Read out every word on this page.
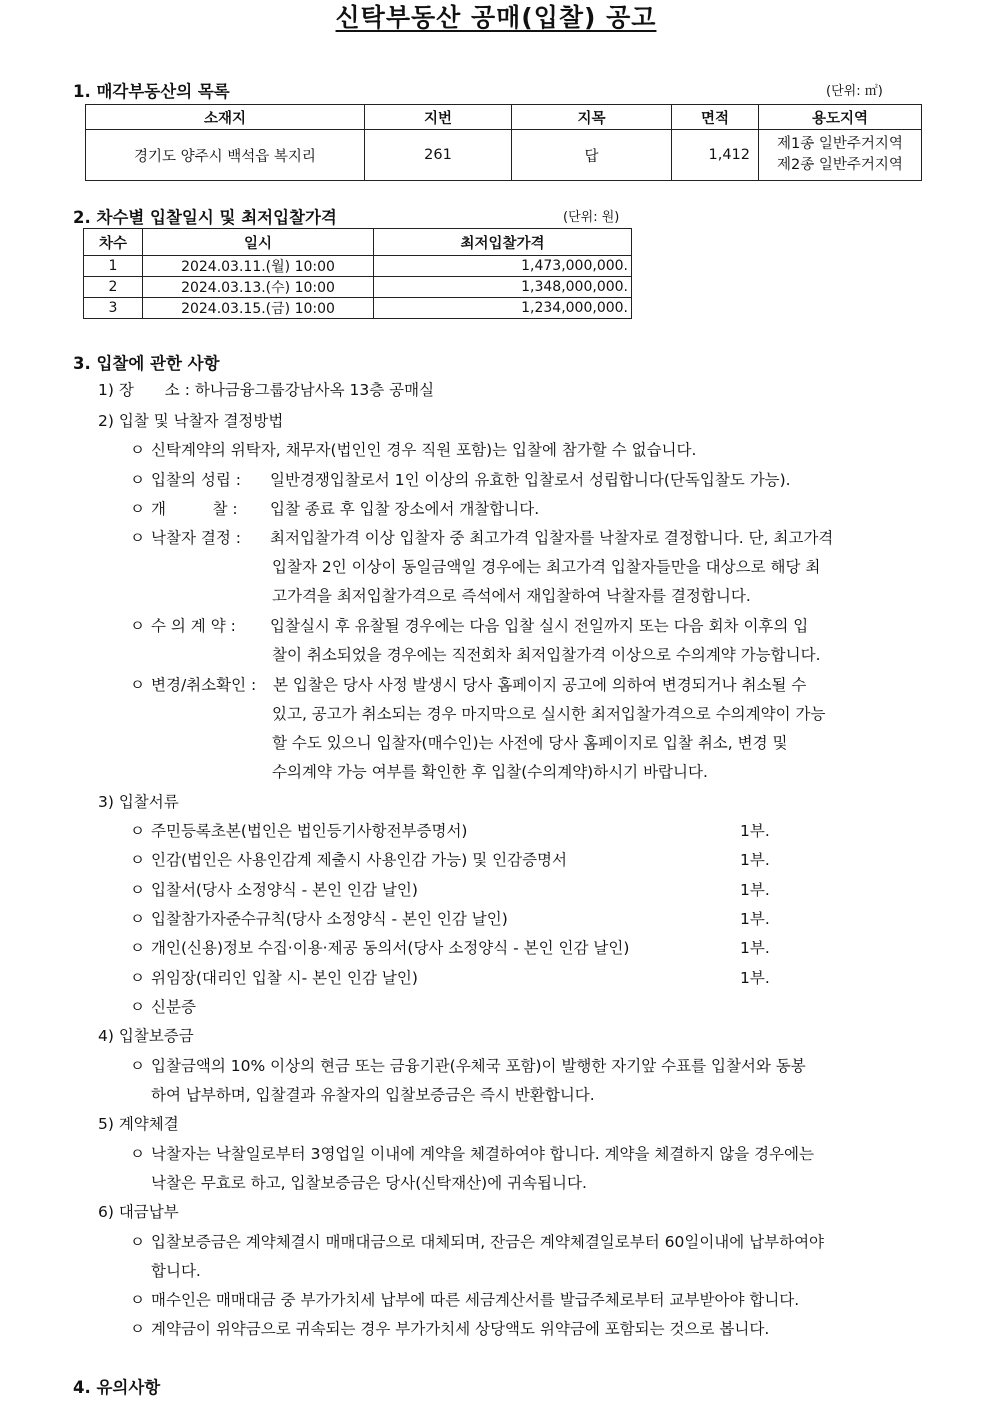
신탁부동산 공매(입찰) 공고
1. 매각부동산의 목록	(단위: ㎡)
소재지	지번	지목	면적	용도지역
경기도 양주시 백석읍 복지리	261	답	1,412	제1종 일반주거지역
제2종 일반주거지역
2. 차수별 입찰일시 및 최저입찰가격	(단위: 원)
차수	일시	최저입찰가격
1	2024.03.11.(월) 10:00	1,473,000,000.
2	2024.03.13.(수) 10:00	1,348,000,000.
3	2024.03.15.(금) 10:00	1,234,000,000.
3. 입찰에 관한 사항
1) 장　　소 : 하나금융그룹강남사옥 13층 공매실
2) 입찰 및 낙찰자 결정방법
ㅇ 신탁계약의 위탁자, 채무자(법인인 경우 직원 포함)는 입찰에 참가할 수 없습니다.
ㅇ 입찰의 성립 : 일반경쟁입찰로서 1인 이상의 유효한 입찰로서 성립합니다(단독입찰도 가능).
ㅇ 개　　　찰 : 입찰 종료 후 입찰 장소에서 개찰합니다.
ㅇ 낙찰자 결정 : 최저입찰가격 이상 입찰자 중 최고가격 입찰자를 낙찰자로 결정합니다. 단, 최고가격
입찰자 2인 이상이 동일금액일 경우에는 최고가격 입찰자들만을 대상으로 해당 최
고가격을 최저입찰가격으로 즉석에서 재입찰하여 낙찰자를 결정합니다.
ㅇ 수 의 계 약 : 입찰실시 후 유찰될 경우에는 다음 입찰 실시 전일까지 또는 다음 회차 이후의 입
찰이 취소되었을 경우에는 직전회차 최저입찰가격 이상으로 수의계약 가능합니다.
ㅇ 변경/취소확인 : 본 입찰은 당사 사정 발생시 당사 홈페이지 공고에 의하여 변경되거나 취소될 수
있고, 공고가 취소되는 경우 마지막으로 실시한 최저입찰가격으로 수의계약이 가능
할 수도 있으니 입찰자(매수인)는 사전에 당사 홈페이지로 입찰 취소, 변경 및
수의계약 가능 여부를 확인한 후 입찰(수의계약)하시기 바랍니다.
3) 입찰서류
ㅇ 주민등록초본(법인은 법인등기사항전부증명서)	1부.
ㅇ 인감(법인은 사용인감계 제출시 사용인감 가능) 및 인감증명서	1부.
ㅇ 입찰서(당사 소정양식 - 본인 인감 날인)	1부.
ㅇ 입찰참가자준수규칙(당사 소정양식 - 본인 인감 날인)	1부.
ㅇ 개인(신용)정보 수집·이용·제공 동의서(당사 소정양식 - 본인 인감 날인)	1부.
ㅇ 위임장(대리인 입찰 시- 본인 인감 날인)	1부.
ㅇ 신분증
4) 입찰보증금
ㅇ 입찰금액의 10% 이상의 현금 또는 금융기관(우체국 포함)이 발행한 자기앞 수표를 입찰서와 동봉
하여 납부하며, 입찰결과 유찰자의 입찰보증금은 즉시 반환합니다.
5) 계약체결
ㅇ 낙찰자는 낙찰일로부터 3영업일 이내에 계약을 체결하여야 합니다. 계약을 체결하지 않을 경우에는
낙찰은 무효로 하고, 입찰보증금은 당사(신탁재산)에 귀속됩니다.
6) 대금납부
ㅇ 입찰보증금은 계약체결시 매매대금으로 대체되며, 잔금은 계약체결일로부터 60일이내에 납부하여야
합니다.
ㅇ 매수인은 매매대금 중 부가가치세 납부에 따른 세금계산서를 발급주체로부터 교부받아야 합니다.
ㅇ 계약금이 위약금으로 귀속되는 경우 부가가치세 상당액도 위약금에 포함되는 것으로 봅니다.
4. 유의사항
